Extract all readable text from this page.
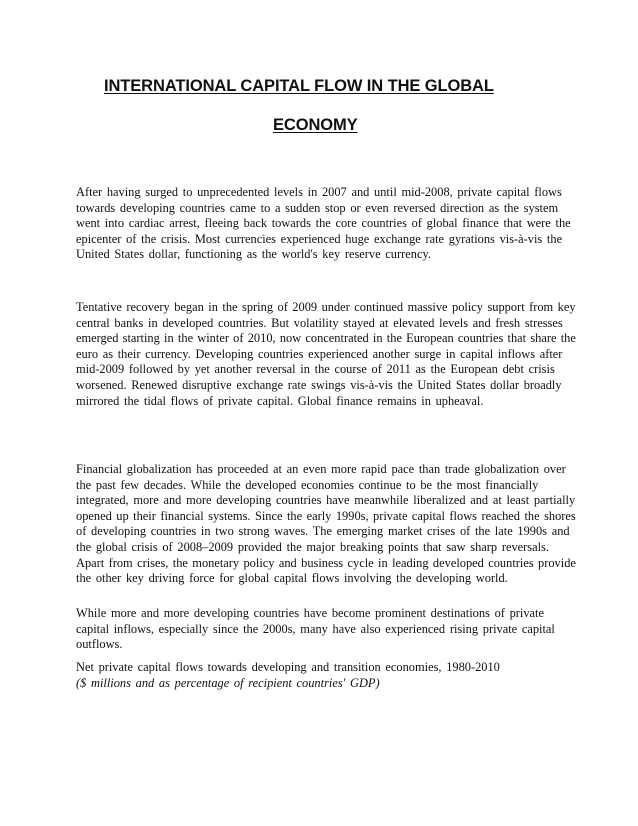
INTERNATIONAL CAPITAL FLOW IN THE GLOBAL
ECONOMY

After having surged to unprecedented levels in 2007 and until mid-2008, private capital flows
towards developing countries came to a sudden stop or even reversed direction as the system
went into cardiac arrest, fleeing back towards the core countries of global finance that were the
epicenter of the crisis. Most currencies experienced huge exchange rate gyrations vis-à-vis the
United States dollar, functioning as the world's key reserve currency.

Tentative recovery began in the spring of 2009 under continued massive policy support from key
central banks in developed countries. But volatility stayed at elevated levels and fresh stresses
emerged starting in the winter of 2010, now concentrated in the European countries that share the
euro as their currency. Developing countries experienced another surge in capital inflows after
mid-2009 followed by yet another reversal in the course of 2011 as the European debt crisis
worsened. Renewed disruptive exchange rate swings vis-à-vis the United States dollar broadly
mirrored the tidal flows of private capital. Global finance remains in upheaval.

Financial globalization has proceeded at an even more rapid pace than trade globalization over
the past few decades. While the developed economies continue to be the most financially
integrated, more and more developing countries have meanwhile liberalized and at least partially
opened up their financial systems. Since the early 1990s, private capital flows reached the shores
of developing countries in two strong waves. The emerging market crises of the late 1990s and
the global crisis of 2008–2009 provided the major breaking points that saw sharp reversals.
Apart from crises, the monetary policy and business cycle in leading developed countries provide
the other key driving force for global capital flows involving the developing world.

While more and more developing countries have become prominent destinations of private
capital inflows, especially since the 2000s, many have also experienced rising private capital
outflows.

Net private capital flows towards developing and transition economies, 1980-2010
($ millions and as percentage of recipient countries' GDP)
